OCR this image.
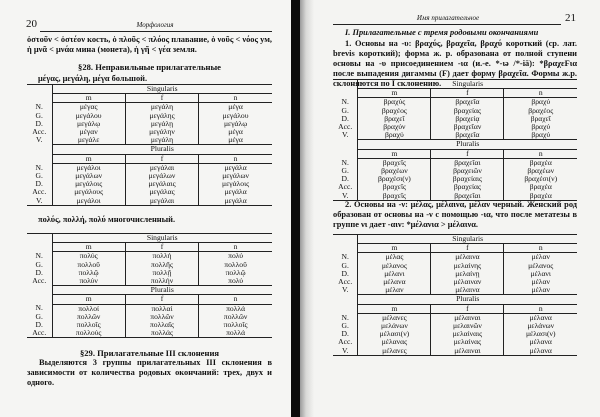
20	Морфология
ὀστοῦν < ὀστέον кость, ὁ πλοῦς < πλόος плавание, ὁ νοῦς < νόος ум, ἡ μνᾶ < μνάα мина (монета), ἡ γῆ < γέα земля.
§28. Неправильные прилагательные
μέγας, μεγάλη, μέγα большой.
	Singularis		
	m	f	n
N.	μέγας	μεγάλη	μέγα
G.	μεγάλου	μεγάλης	μεγάλου
D.	μεγάλῳ	μεγάλῃ	μεγάλῳ
Acc.	μέγαν	μεγάλην	μέγα
V.	μεγάλε	μεγάλη	μέγα
	Pluralis		
	m	f	n
N.	μεγάλοι	μεγάλαι	μεγάλα
G.	μεγάλων	μεγάλων	μεγάλων
D.	μεγάλοις	μεγάλαις	μεγάλοις
Acc.	μεγάλους	μεγάλας	μεγάλα
V.	μεγάλοι	μεγάλαι	μεγάλα
πολύς, πολλή, πολύ многочисленный.
	Singularis		
	m	f	n
N.	πολύς	πολλή	πολύ
G.	πολλοῦ	πολλῆς	πολλοῦ
D.	πολλῷ	πολλῇ	πολλῷ
Acc.	πολύν	πολλήν	πολύ
	Pluralis		
	m	f	n
N.	πολλοί	πολλαί	πολλά
G.	πολλῶν	πολλῶν	πολλῶν
D.	πολλοῖς	πολλαῖς	πολλοῖς
Acc.	πολλούς	πολλάς	πολλά
§29. Прилагательные III склонения
Выделяются 3 группы прилагательных III склонения в зависимости от количества родовых окончаний: трех, двух и одного.
Имя прилагательное	21
I. Прилагательные с тремя родовыми окончаниями
1. Основы на -υ: βραχύς, βραχεῖα, βραχύ короткий (ср. лат. brevis короткий); форма ж. р. образована от полной ступени основы на -υ присоединением -ια (и.-е. *-ιə /*-iā): *βραχεϜια после выпадения дигаммы (Ϝ) дает форму βραχεῖα. Формы ж.р. склоняются по I склонению.
		Singularis		
	m	f	n
N.	βραχύς	βραχεῖα	βραχύ
G.	βραχέος	βραχείας	βραχέος
D.	βραχεῖ	βραχείᾳ	βραχεῖ
Acc.	βραχύν	βραχεῖαν	βραχύ
V.	βραχύ	βραχεῖα	βραχύ
	Pluralis		
	m	f	n
N.	βραχεῖς	βραχεῖαι	βραχέα
G.	βραχέων	βραχειῶν	βραχέων
D.	βραχέσι(ν)	βραχείαις	βραχέσι(ν)
Acc.	βραχεῖς	βραχείας	βραχέα
V.	βραχεῖς	βραχεῖαι	βραχέα
2. Основы на -ν: μέλας, μέλαινα, μέλαν черный. Женский род образован от основы на -ν с помощью -ια, что после метатезы в группе νι дает -αιν: *μέλανια > μέλαινα.
	Singularis		
	m	f	n
N.	μέλας	μέλαινα	μέλαν
G.	μέλανος	μελαίνης	μέλανος
D.	μέλανι	μελαίνῃ	μέλανι
Acc.	μέλανα	μέλαιναν	μέλαν
V.	μέλαν	μέλαινα	μέλαν
	Pluralis		
	m	f	n
N.	μέλανες	μέλαιναι	μέλανα
G.	μελάνων	μελαινῶν	μελάνων
D.	μέλασι(ν)	μελαίναις	μέλασι(ν)
Acc.	μέλανας	μελαίνας	μέλανα
V.	μέλανες	μέλαιναι	μέλανα
